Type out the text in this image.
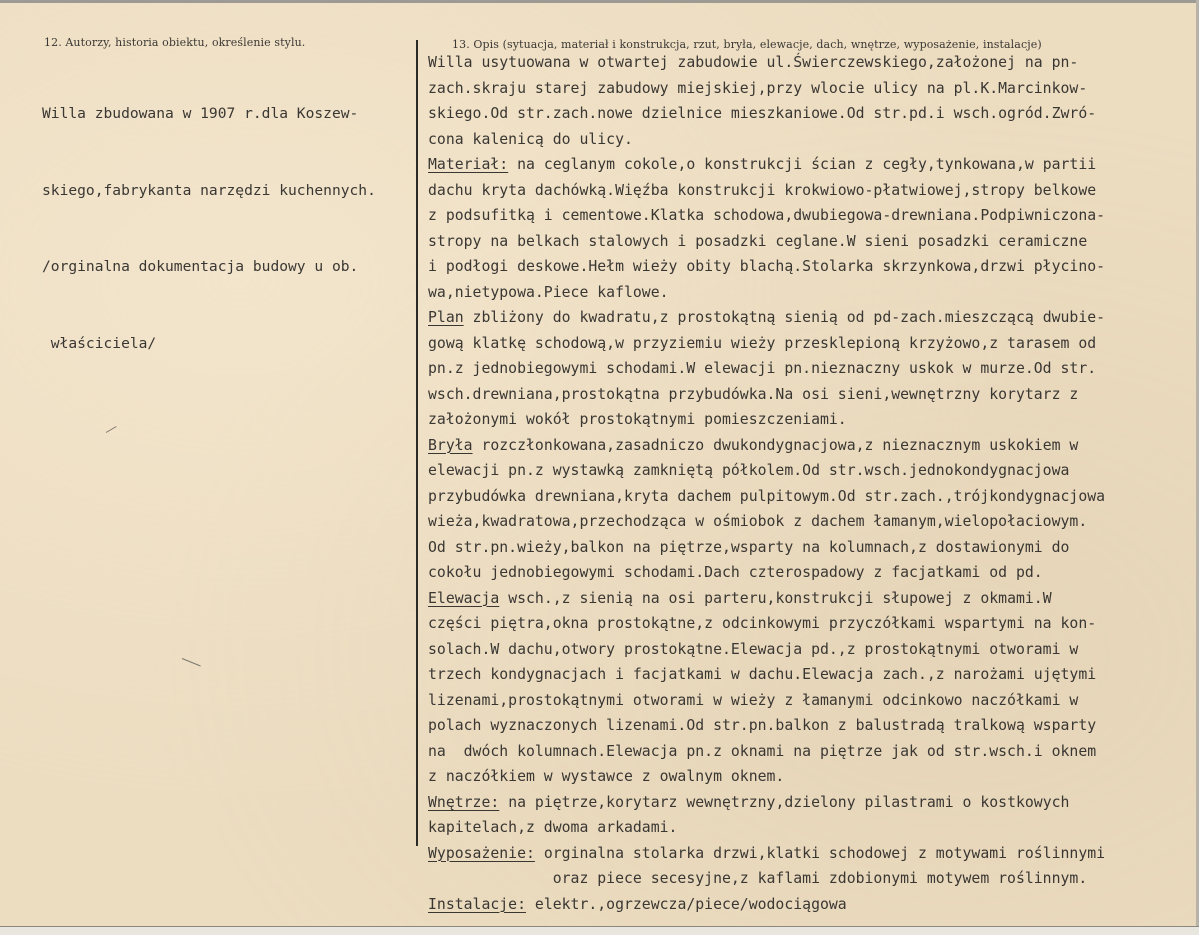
12. Autorzy, historia obiektu, określenie stylu.	13. Opis (sytuacja, materiał i konstrukcja, rzut, bryła, elewacje, dach, wnętrze, wyposażenie, instalacje)

Willa zbudowana w 1907 r.dla Koszew-

skiego,fabrykanta narzędzi kuchennych.

/orginalna dokumentacja budowy u ob.

właściciela/

Willa usytuowana w otwartej zabudowie ul.Świerczewskiego,założonej na pn-
zach.skraju starej zabudowy miejskiej,przy wlocie ulicy na pl.K.Marcinkow-
skiego.Od str.zach.nowe dzielnice mieszkaniowe.Od str.pd.i wsch.ogród.Zwró-
cona kalenicą do ulicy.
Materiał: na ceglanym cokole,o konstrukcji ścian z cegły,tynkowana,w partii
dachu kryta dachówką.Więźba konstrukcji krokwiowo-płatwiowej,stropy belkowe
z podsufitką i cementowe.Klatka schodowa,dwubiegowa-drewniana.Podpiwniczona-
stropy na belkach stalowych i posadzki ceglane.W sieni posadzki ceramiczne
i podłogi deskowe.Hełm wieży obity blachą.Stolarka skrzynkowa,drzwi płycino-
wa,nietypowa.Piece kaflowe.
Plan zbliżony do kwadratu,z prostokątną sienią od pd-zach.mieszczącą dwubie-
gową klatkę schodową,w przyziemiu wieży przesklepioną krzyżowo,z tarasem od
pn.z jednobiegowymi schodami.W elewacji pn.nieznaczny uskok w murze.Od str.
wsch.drewniana,prostokątna przybudówka.Na osi sieni,wewnętrzny korytarz z
założonymi wokół prostokątnymi pomieszczeniami.
Bryła rozczłonkowana,zasadniczo dwukondygnacjowa,z nieznacznym uskokiem w
elewacji pn.z wystawką zamkniętą półkolem.Od str.wsch.jednokondygnacjowa
przybudówka drewniana,kryta dachem pulpitowym.Od str.zach.,trójkondygnacjowa
wieża,kwadratowa,przechodząca w ośmiobok z dachem łamanym,wielopołaciowym.
Od str.pn.wieży,balkon na piętrze,wsparty na kolumnach,z dostawionymi do
cokołu jednobiegowymi schodami.Dach czterospadowy z facjatkami od pd.
Elewacja wsch.,z sienią na osi parteru,konstrukcji słupowej z okmami.W
części piętra,okna prostokątne,z odcinkowymi przyczółkami wspartymi na kon-
solach.W dachu,otwory prostokątne.Elewacja pd.,z prostokątnymi otworami w
trzech kondygnacjach i facjatkami w dachu.Elewacja zach.,z narożami ujętymi
lizenami,prostokątnymi otworami w wieży z łamanymi odcinkowo naczółkami w
polach wyznaczonych lizenami.Od str.pn.balkon z balustradą tralkową wsparty
na  dwóch kolumnach.Elewacja pn.z oknami na piętrze jak od str.wsch.i oknem
z naczółkiem w wystawce z owalnym oknem.
Wnętrze: na piętrze,korytarz wewnętrzny,dzielony pilastrami o kostkowych
kapitelach,z dwoma arkadami.
Wyposażenie: orginalna stolarka drzwi,klatki schodowej z motywami roślinnymi
oraz piece secesyjne,z kaflami zdobionymi motywem roślinnym.
Instalacje: elektr.,ogrzewcza/piece/wodociągowa
